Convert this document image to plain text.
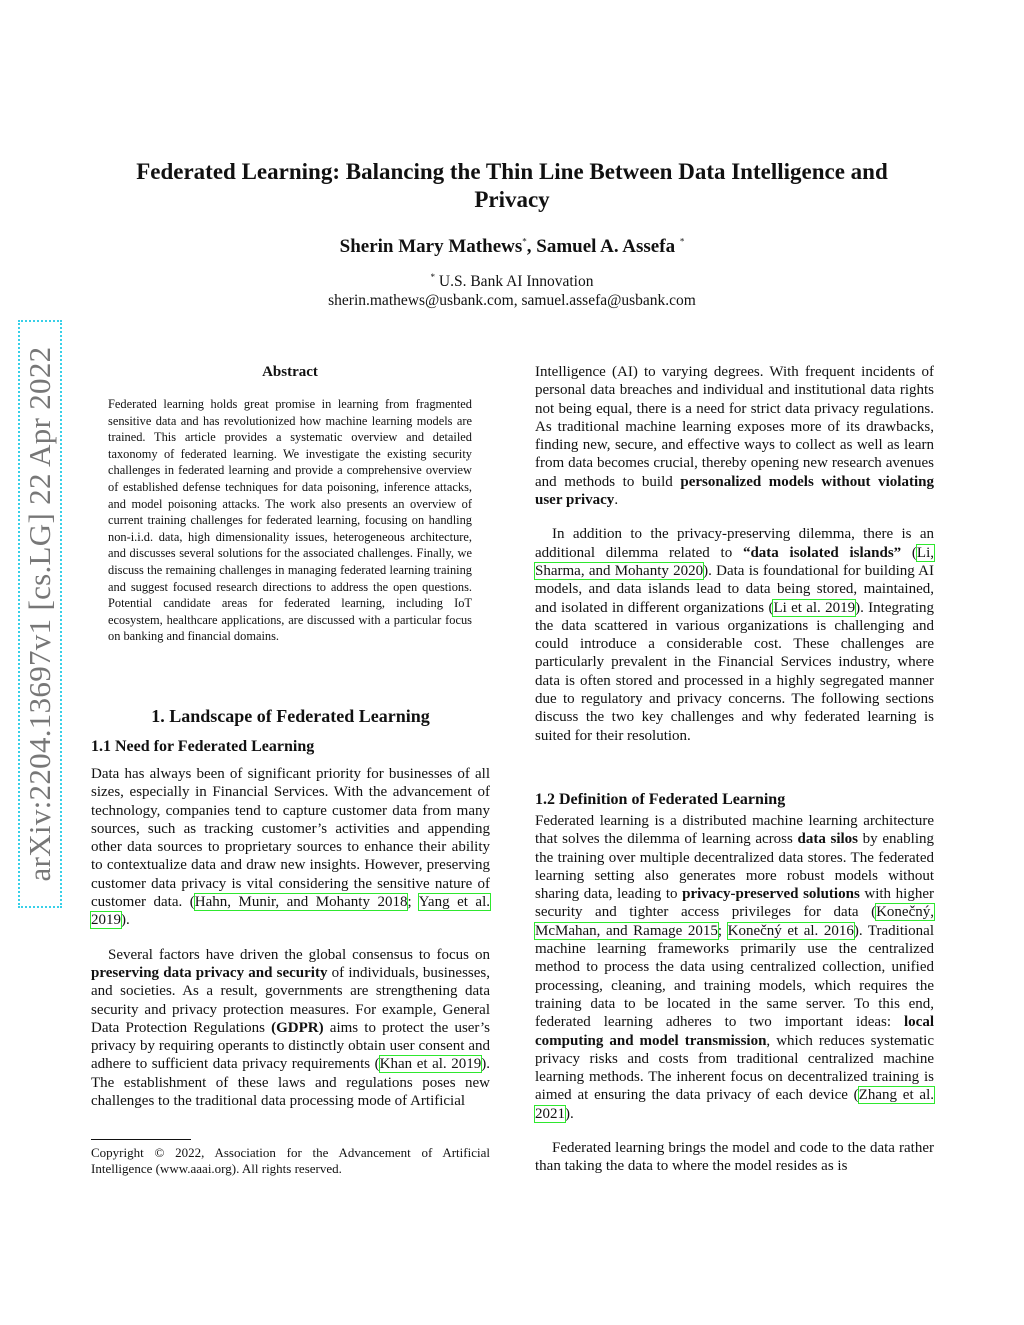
Federated Learning: Balancing the Thin Line Between Data Intelligence and Privacy
Sherin Mary Mathews*, Samuel A. Assefa *
* U.S. Bank AI Innovation
sherin.mathews@usbank.com, samuel.assefa@usbank.com
arXiv:2204.13697v1 [cs.LG] 22 Apr 2022	Abstract
Federated learning holds great promise in learning from fragmented sensitive data and has revolutionized how machine learning models are trained. This article provides a systematic overview and detailed taxonomy of federated learning. We investigate the existing security challenges in federated learning and provide a comprehensive overview of established defense techniques for data poisoning, inference attacks, and model poisoning attacks. The work also presents an overview of current training challenges for federated learning, focusing on handling non-i.i.d. data, high dimensionality issues, heterogeneous architecture, and discusses several solutions for the associated challenges. Finally, we discuss the remaining challenges in managing federated learning training and suggest focused research directions to address the open questions. Potential candidate areas for federated learning, including IoT ecosystem, healthcare applications, are discussed with a particular focus on banking and financial domains.
1. Landscape of Federated Learning
1.1 Need for Federated Learning

Data has always been of significant priority for businesses of all sizes, especially in Financial Services. With the advancement of technology, companies tend to capture customer data from many sources, such as tracking customer’s activities and appending other data sources to proprietary sources to enhance their ability to contextualize data and draw new insights. However, preserving customer data privacy is vital considering the sensitive nature of customer data. (Hahn, Munir, and Mohanty 2018; Yang et al. 2019).

Several factors have driven the global consensus to focus on preserving data privacy and security of individuals, businesses, and societies. As a result, governments are strengthening data security and privacy protection measures. For example, General Data Protection Regulations (GDPR) aims to protect the user’s privacy by requiring operants to distinctly obtain user consent and adhere to sufficient data privacy requirements (Khan et al. 2019). The establishment of these laws and regulations poses new challenges to the traditional data processing mode of Artificial

Copyright © 2022, Association for the Advancement of Artificial Intelligence (www.aaai.org). All rights reserved.

Intelligence (AI) to varying degrees. With frequent incidents of personal data breaches and individual and institutional data rights not being equal, there is a need for strict data privacy regulations. As traditional machine learning exposes more of its drawbacks, finding new, secure, and effective ways to collect as well as learn from data becomes crucial, thereby opening new research avenues and methods to build personalized models without violating user privacy.

In addition to the privacy-preserving dilemma, there is an additional dilemma related to “data isolated islands” (Li, Sharma, and Mohanty 2020). Data is foundational for building AI models, and data islands lead to data being stored, maintained, and isolated in different organizations (Li et al. 2019). Integrating the data scattered in various organizations is challenging and could introduce a considerable cost. These challenges are particularly prevalent in the Financial Services industry, where data is often stored and processed in a highly segregated manner due to regulatory and privacy concerns. The following sections discuss the two key challenges and why federated learning is suited for their resolution.

1.2 Definition of Federated Learning

Federated learning is a distributed machine learning architecture that solves the dilemma of learning across data silos by enabling the training over multiple decentralized data stores. The federated learning setting also generates more robust models without sharing data, leading to privacy-preserved solutions with higher security and tighter access privileges for data (Konečný, McMahan, and Ramage 2015; Konečný et al. 2016). Traditional machine learning frameworks primarily use the centralized method to process the data using centralized collection, unified processing, cleaning, and training models, which requires the training data to be located in the same server. To this end, federated learning adheres to two important ideas: local computing and model transmission, which reduces systematic privacy risks and costs from traditional centralized machine learning methods. The inherent focus on decentralized training is aimed at ensuring the data privacy of each device (Zhang et al. 2021).

Federated learning brings the model and code to the data rather than taking the data to where the model resides as is
